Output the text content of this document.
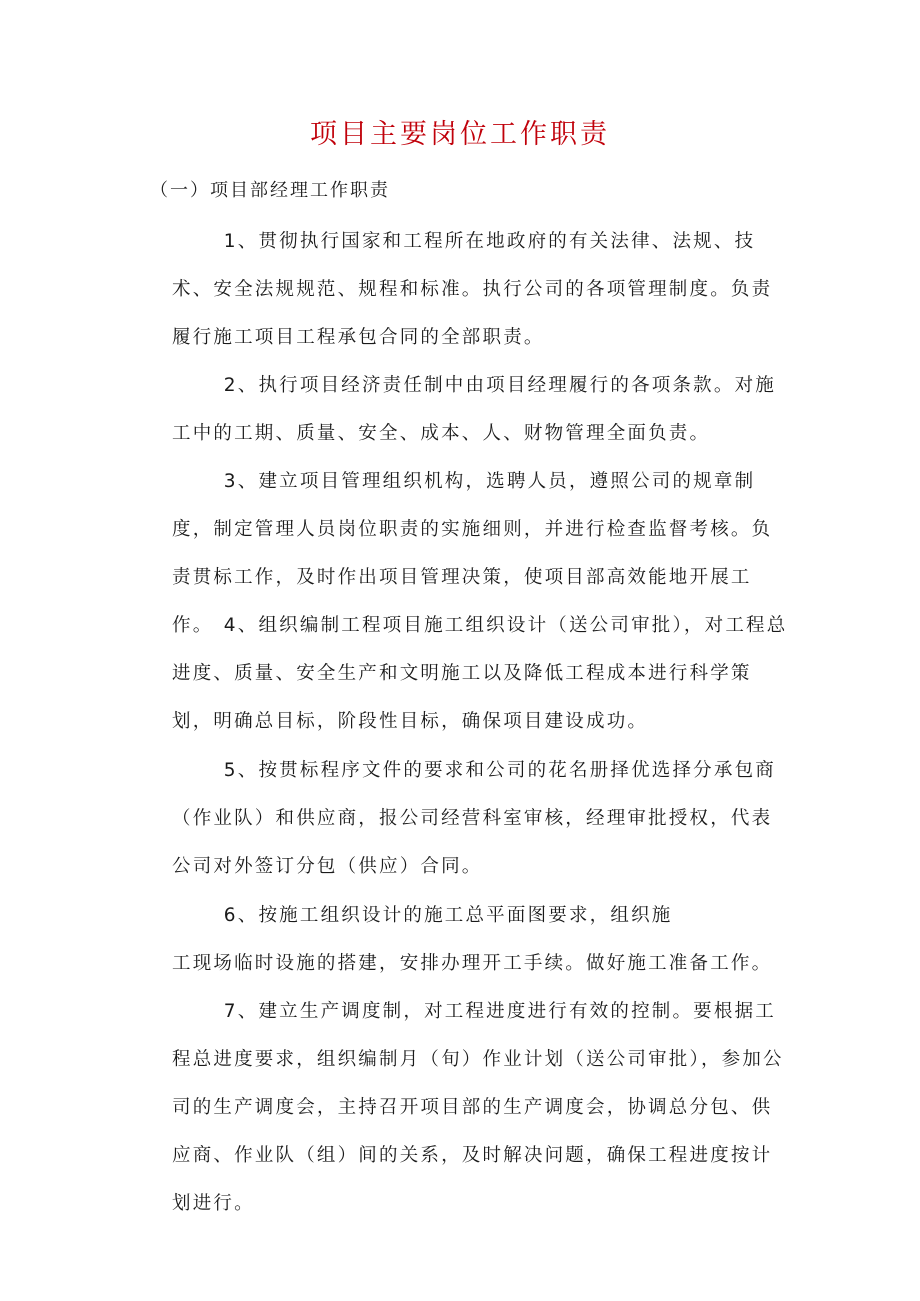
项目主要岗位工作职责
（一）项目部经理工作职责

1、贯彻执行国家和工程所在地政府的有关法律、法规、技术、安全法规规范、规程和标准。执行公司的各项管理制度。负责履行施工项目工程承包合同的全部职责。

2、执行项目经济责任制中由项目经理履行的各项条款。对施工中的工期、质量、安全、成本、人、财物管理全面负责。

3、建立项目管理组织机构，选聘人员，遵照公司的规章制度，制定管理人员岗位职责的实施细则，并进行检查监督考核。负责贯标工作，及时作出项目管理决策，使项目部高效能地开展工作。 4、组织编制工程项目施工组织设计（送公司审批），对工程总进度、质量、安全生产和文明施工以及降低工程成本进行科学策划，明确总目标，阶段性目标，确保项目建设成功。

5、按贯标程序文件的要求和公司的花名册择优选择分承包商（作业队）和供应商，报公司经营科室审核，经理审批授权，代表公司对外签订分包（供应）合同。

6、按施工组织设计的施工总平面图要求，组织施

工现场临时设施的搭建，安排办理开工手续。做好施工准备工作。

7、建立生产调度制，对工程进度进行有效的控制。要根据工程总进度要求，组织编制月（旬）作业计划（送公司审批），参加公司的生产调度会，主持召开项目部的生产调度会，协调总分包、供应商、作业队（组）间的关系，及时解决问题，确保工程进度按计划进行。
